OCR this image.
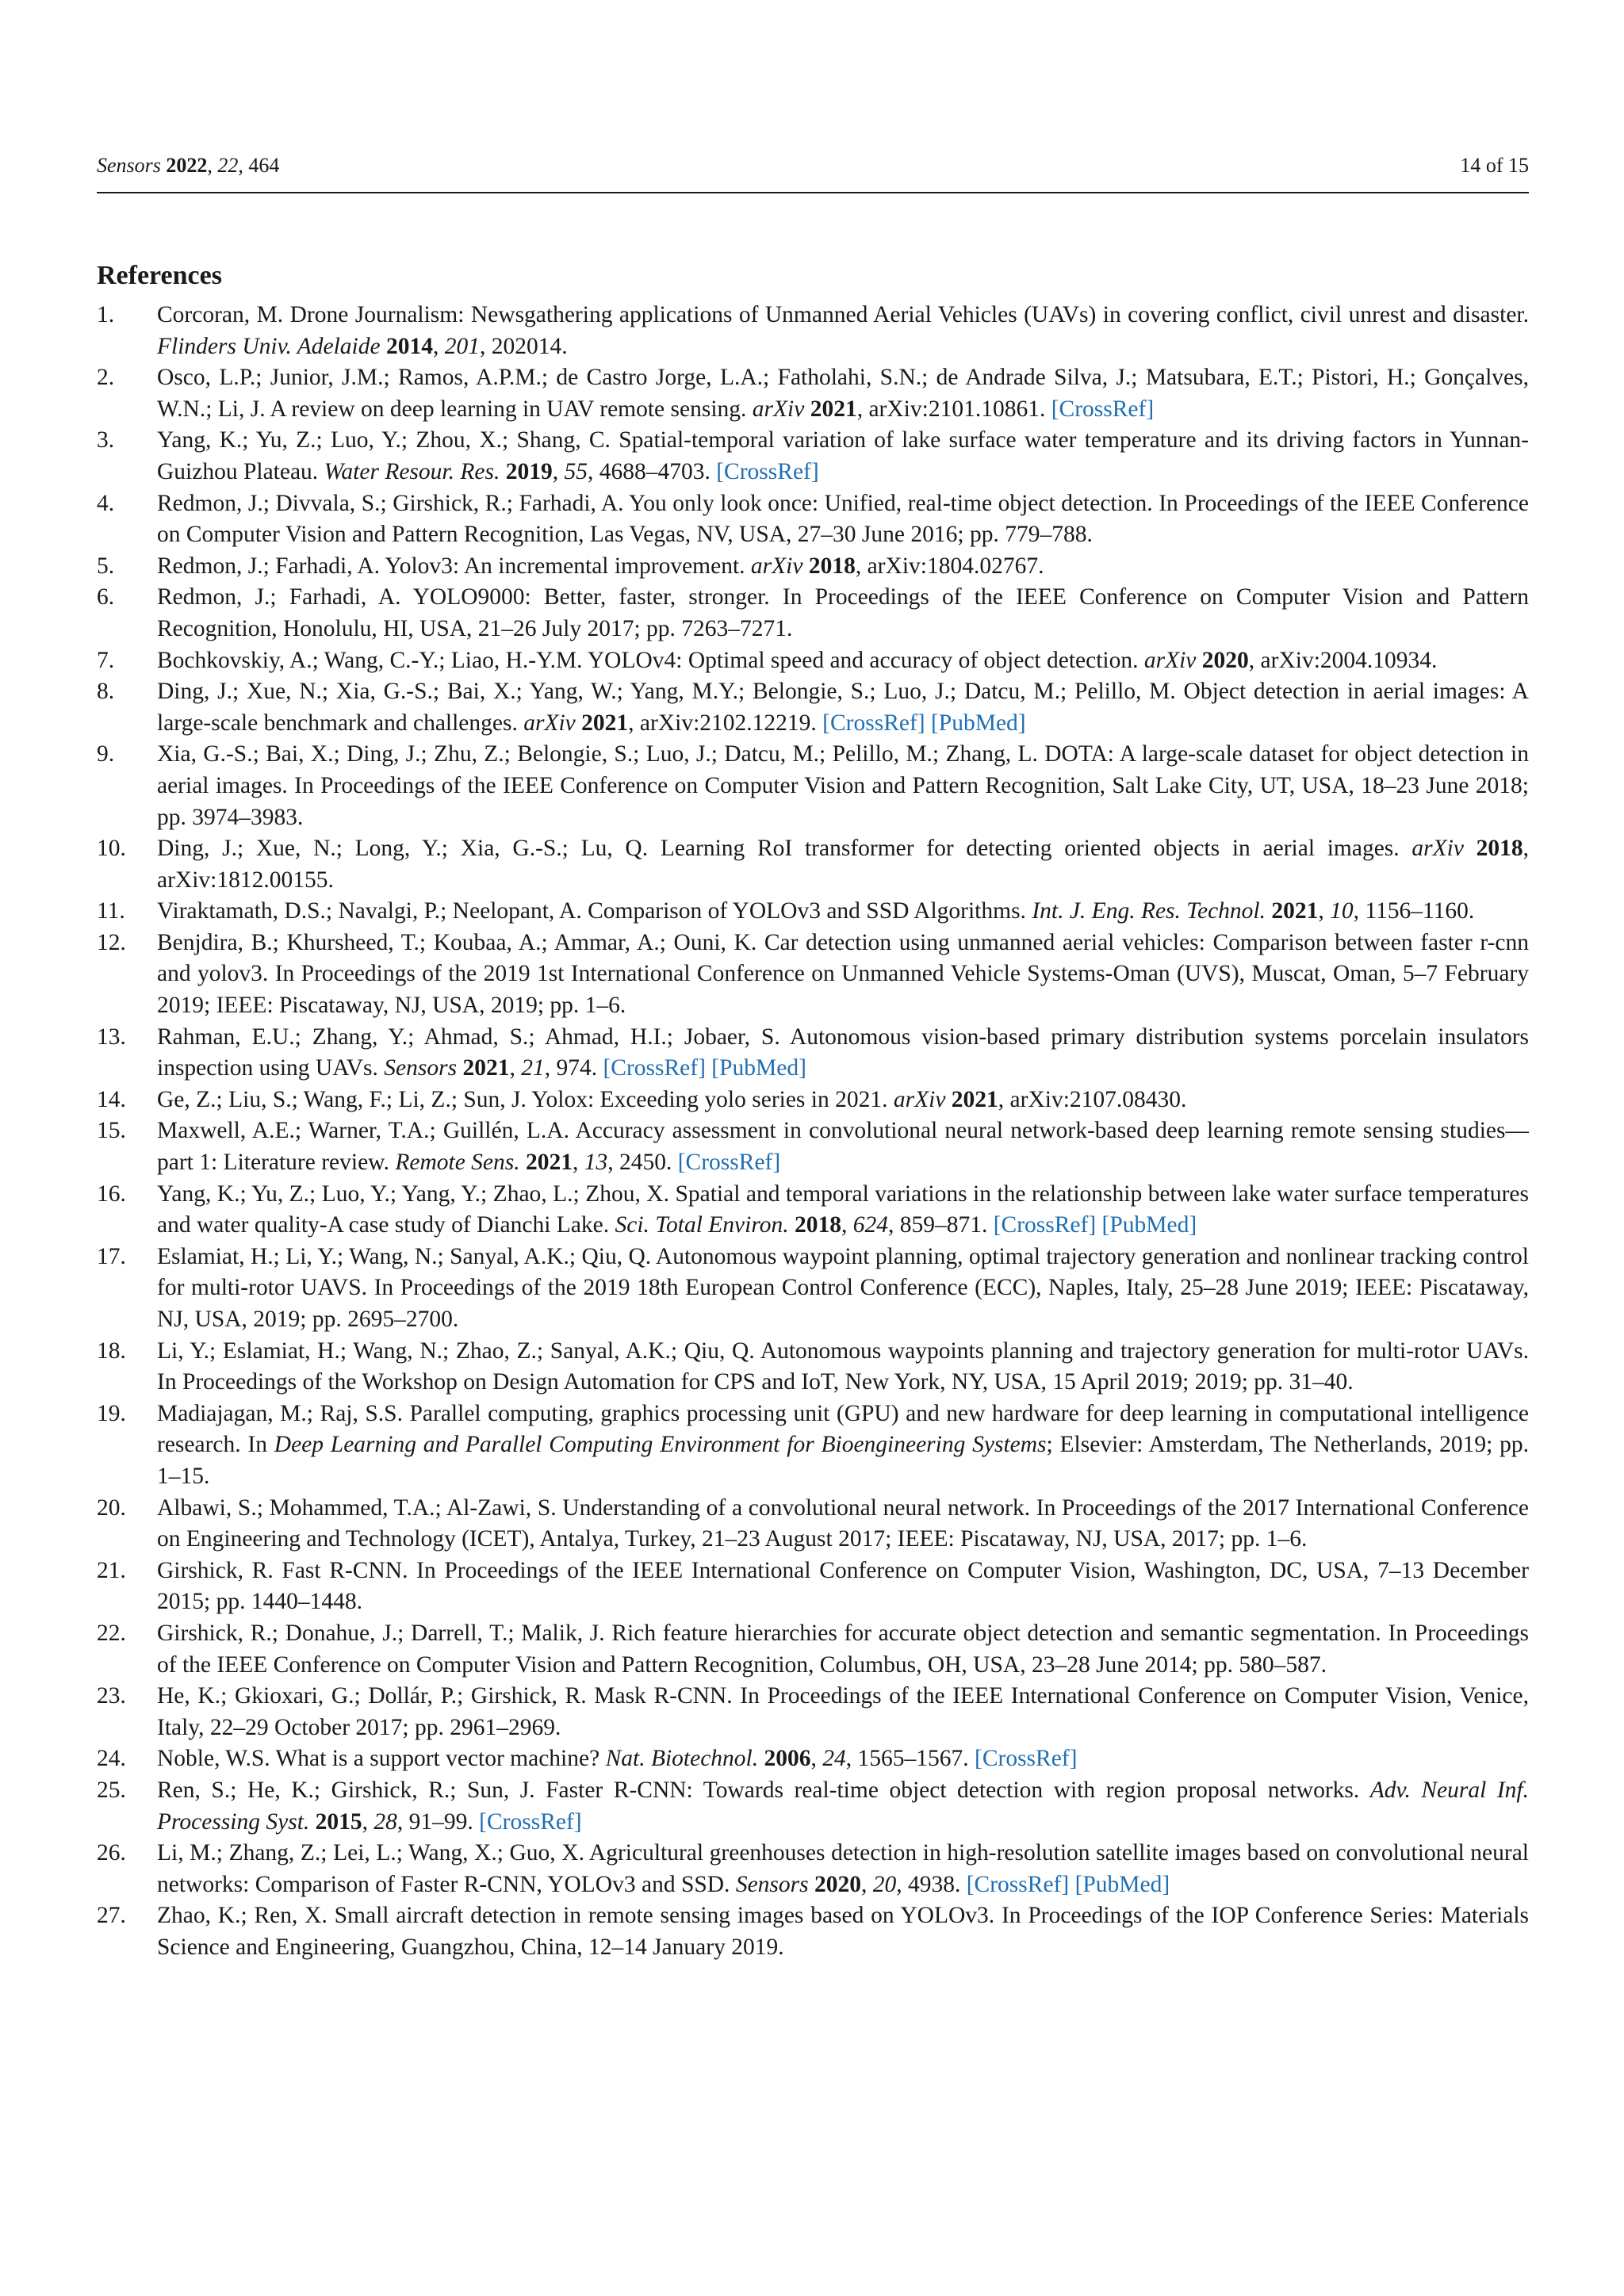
Sensors 2022, 22, 464	14 of 15
References
1.	Corcoran, M. Drone Journalism: Newsgathering applications of Unmanned Aerial Vehicles (UAVs) in covering conflict, civil unrest and disaster. Flinders Univ. Adelaide 2014, 201, 202014.
2.	Osco, L.P.; Junior, J.M.; Ramos, A.P.M.; de Castro Jorge, L.A.; Fatholahi, S.N.; de Andrade Silva, J.; Matsubara, E.T.; Pistori, H.; Gonçalves, W.N.; Li, J. A review on deep learning in UAV remote sensing. arXiv 2021, arXiv:2101.10861. [CrossRef]
3.	Yang, K.; Yu, Z.; Luo, Y.; Zhou, X.; Shang, C. Spatial-temporal variation of lake surface water temperature and its driving factors in Yunnan-Guizhou Plateau. Water Resour. Res. 2019, 55, 4688–4703. [CrossRef]
4.	Redmon, J.; Divvala, S.; Girshick, R.; Farhadi, A. You only look once: Unified, real-time object detection. In Proceedings of the IEEE Conference on Computer Vision and Pattern Recognition, Las Vegas, NV, USA, 27–30 June 2016; pp. 779–788.
5.	Redmon, J.; Farhadi, A. Yolov3: An incremental improvement. arXiv 2018, arXiv:1804.02767.
6.	Redmon, J.; Farhadi, A. YOLO9000: Better, faster, stronger. In Proceedings of the IEEE Conference on Computer Vision and Pattern Recognition, Honolulu, HI, USA, 21–26 July 2017; pp. 7263–7271.
7.	Bochkovskiy, A.; Wang, C.-Y.; Liao, H.-Y.M. YOLOv4: Optimal speed and accuracy of object detection. arXiv 2020, arXiv:2004.10934.
8.	Ding, J.; Xue, N.; Xia, G.-S.; Bai, X.; Yang, W.; Yang, M.Y.; Belongie, S.; Luo, J.; Datcu, M.; Pelillo, M. Object detection in aerial images: A large-scale benchmark and challenges. arXiv 2021, arXiv:2102.12219. [CrossRef] [PubMed]
9.	Xia, G.-S.; Bai, X.; Ding, J.; Zhu, Z.; Belongie, S.; Luo, J.; Datcu, M.; Pelillo, M.; Zhang, L. DOTA: A large-scale dataset for object detection in aerial images. In Proceedings of the IEEE Conference on Computer Vision and Pattern Recognition, Salt Lake City, UT, USA, 18–23 June 2018; pp. 3974–3983.
10.	Ding, J.; Xue, N.; Long, Y.; Xia, G.-S.; Lu, Q. Learning RoI transformer for detecting oriented objects in aerial images. arXiv 2018, arXiv:1812.00155.
11.	Viraktamath, D.S.; Navalgi, P.; Neelopant, A. Comparison of YOLOv3 and SSD Algorithms. Int. J. Eng. Res. Technol. 2021, 10, 1156–1160.
12.	Benjdira, B.; Khursheed, T.; Koubaa, A.; Ammar, A.; Ouni, K. Car detection using unmanned aerial vehicles: Comparison between faster r-cnn and yolov3. In Proceedings of the 2019 1st International Conference on Unmanned Vehicle Systems-Oman (UVS), Muscat, Oman, 5–7 February 2019; IEEE: Piscataway, NJ, USA, 2019; pp. 1–6.
13.	Rahman, E.U.; Zhang, Y.; Ahmad, S.; Ahmad, H.I.; Jobaer, S. Autonomous vision-based primary distribution systems porcelain insulators inspection using UAVs. Sensors 2021, 21, 974. [CrossRef] [PubMed]
14.	Ge, Z.; Liu, S.; Wang, F.; Li, Z.; Sun, J. Yolox: Exceeding yolo series in 2021. arXiv 2021, arXiv:2107.08430.
15.	Maxwell, A.E.; Warner, T.A.; Guillén, L.A. Accuracy assessment in convolutional neural network-based deep learning remote sensing studies—part 1: Literature review. Remote Sens. 2021, 13, 2450. [CrossRef]
16.	Yang, K.; Yu, Z.; Luo, Y.; Yang, Y.; Zhao, L.; Zhou, X. Spatial and temporal variations in the relationship between lake water surface temperatures and water quality-A case study of Dianchi Lake. Sci. Total Environ. 2018, 624, 859–871. [CrossRef] [PubMed]
17.	Eslamiat, H.; Li, Y.; Wang, N.; Sanyal, A.K.; Qiu, Q. Autonomous waypoint planning, optimal trajectory generation and nonlinear tracking control for multi-rotor UAVS. In Proceedings of the 2019 18th European Control Conference (ECC), Naples, Italy, 25–28 June 2019; IEEE: Piscataway, NJ, USA, 2019; pp. 2695–2700.
18.	Li, Y.; Eslamiat, H.; Wang, N.; Zhao, Z.; Sanyal, A.K.; Qiu, Q. Autonomous waypoints planning and trajectory generation for multi-rotor UAVs. In Proceedings of the Workshop on Design Automation for CPS and IoT, New York, NY, USA, 15 April 2019; 2019; pp. 31–40.
19.	Madiajagan, M.; Raj, S.S. Parallel computing, graphics processing unit (GPU) and new hardware for deep learning in computational intelligence research. In Deep Learning and Parallel Computing Environment for Bioengineering Systems; Elsevier: Amsterdam, The Netherlands, 2019; pp. 1–15.
20.	Albawi, S.; Mohammed, T.A.; Al-Zawi, S. Understanding of a convolutional neural network. In Proceedings of the 2017 International Conference on Engineering and Technology (ICET), Antalya, Turkey, 21–23 August 2017; IEEE: Piscataway, NJ, USA, 2017; pp. 1–6.
21.	Girshick, R. Fast R-CNN. In Proceedings of the IEEE International Conference on Computer Vision, Washington, DC, USA, 7–13 December 2015; pp. 1440–1448.
22.	Girshick, R.; Donahue, J.; Darrell, T.; Malik, J. Rich feature hierarchies for accurate object detection and semantic segmentation. In Proceedings of the IEEE Conference on Computer Vision and Pattern Recognition, Columbus, OH, USA, 23–28 June 2014; pp. 580–587.
23.	He, K.; Gkioxari, G.; Dollár, P.; Girshick, R. Mask R-CNN. In Proceedings of the IEEE International Conference on Computer Vision, Venice, Italy, 22–29 October 2017; pp. 2961–2969.
24.	Noble, W.S. What is a support vector machine? Nat. Biotechnol. 2006, 24, 1565–1567. [CrossRef]
25.	Ren, S.; He, K.; Girshick, R.; Sun, J. Faster R-CNN: Towards real-time object detection with region proposal networks. Adv. Neural Inf. Processing Syst. 2015, 28, 91–99. [CrossRef]
26.	Li, M.; Zhang, Z.; Lei, L.; Wang, X.; Guo, X. Agricultural greenhouses detection in high-resolution satellite images based on convolutional neural networks: Comparison of Faster R-CNN, YOLOv3 and SSD. Sensors 2020, 20, 4938. [CrossRef] [PubMed]
27.	Zhao, K.; Ren, X. Small aircraft detection in remote sensing images based on YOLOv3. In Proceedings of the IOP Conference Series: Materials Science and Engineering, Guangzhou, China, 12–14 January 2019.
